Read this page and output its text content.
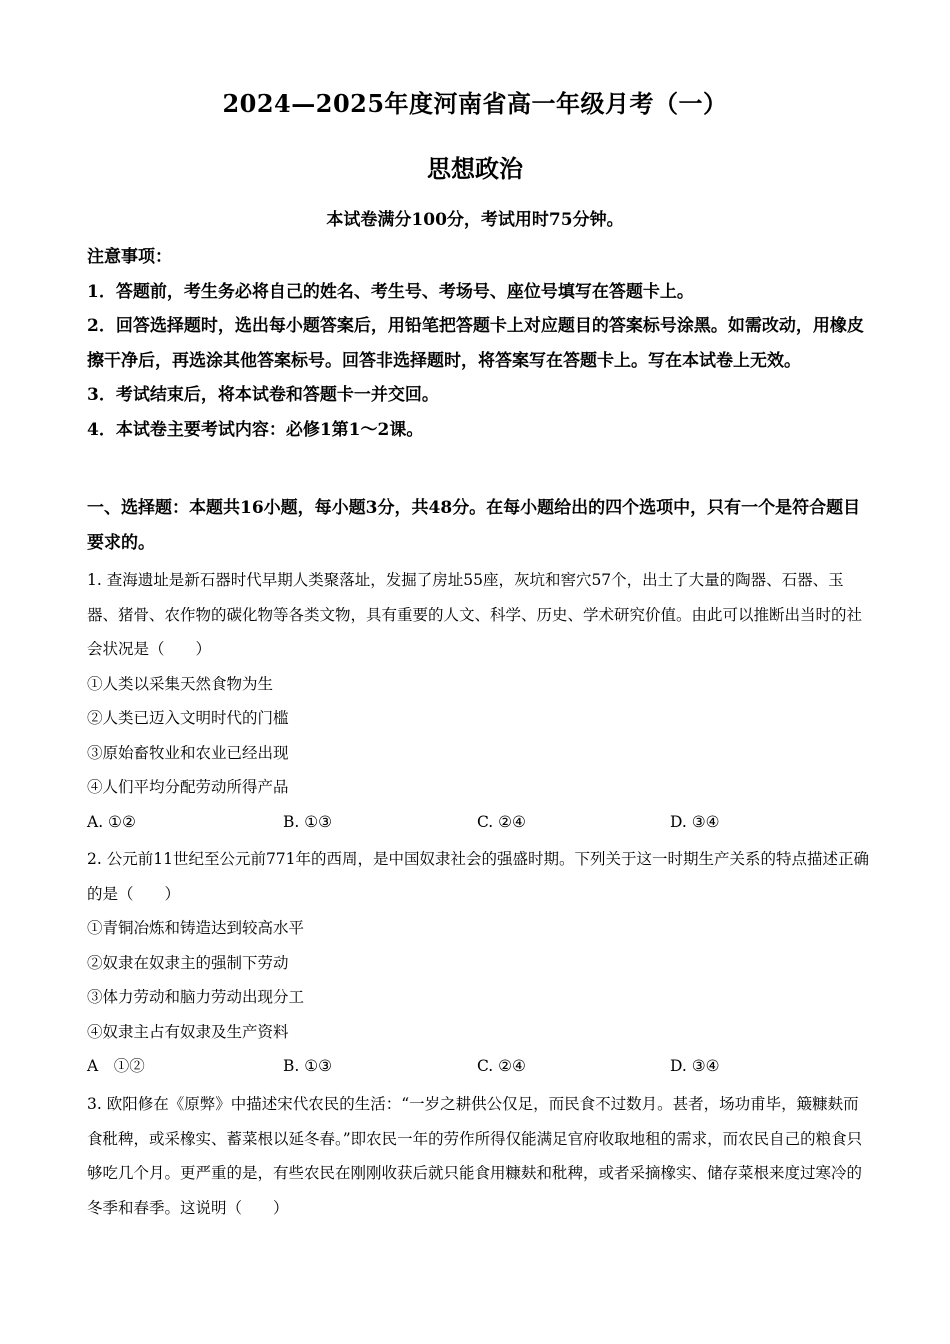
2024—2025年度河南省高一年级月考（一）
思想政治
本试卷满分100分，考试用时75分钟。

注意事项：

1．答题前，考生务必将自己的姓名、考生号、考场号、座位号填写在答题卡上。

2．回答选择题时，选出每小题答案后，用铅笔把答题卡上对应题目的答案标号涂黑。如需改动，用橡皮擦干净后，再选涂其他答案标号。回答非选择题时，将答案写在答题卡上。写在本试卷上无效。

3．考试结束后，将本试卷和答题卡一并交回。

4．本试卷主要考试内容：必修1第1～2课。

一、选择题：本题共16小题，每小题3分，共48分。在每小题给出的四个选项中，只有一个是符合题目要求的。

1. 查海遗址是新石器时代早期人类聚落址，发掘了房址55座，灰坑和窖穴57个，出土了大量的陶器、石器、玉器、猪骨、农作物的碳化物等各类文物，具有重要的人文、科学、历史、学术研究价值。由此可以推断出当时的社会状况是（　　）

①人类以采集天然食物为生

②人类已迈入文明时代的门槛

③原始畜牧业和农业已经出现

④人们平均分配劳动所得产品

A. ①②	B. ①③	C. ②④	D. ③④

2. 公元前11世纪至公元前771年的西周，是中国奴隶社会的强盛时期。下列关于这一时期生产关系的特点描述正确的是（　　）

①青铜冶炼和铸造达到较高水平

②奴隶在奴隶主的强制下劳动

③体力劳动和脑力劳动出现分工

④奴隶主占有奴隶及生产资料

A　①②	B. ①③	C. ②④	D. ③④

3. 欧阳修在《原弊》中描述宋代农民的生活：“一岁之耕供公仅足，而民食不过数月。甚者，场功甫毕，簸糠麸而食秕稗，或采橡实、蓄菜根以延冬春。”即农民一年的劳作所得仅能满足官府收取地租的需求，而农民自己的粮食只够吃几个月。更严重的是，有些农民在刚刚收获后就只能食用糠麸和秕稗，或者采摘橡实、储存菜根来度过寒冷的冬季和春季。这说明（　　）
